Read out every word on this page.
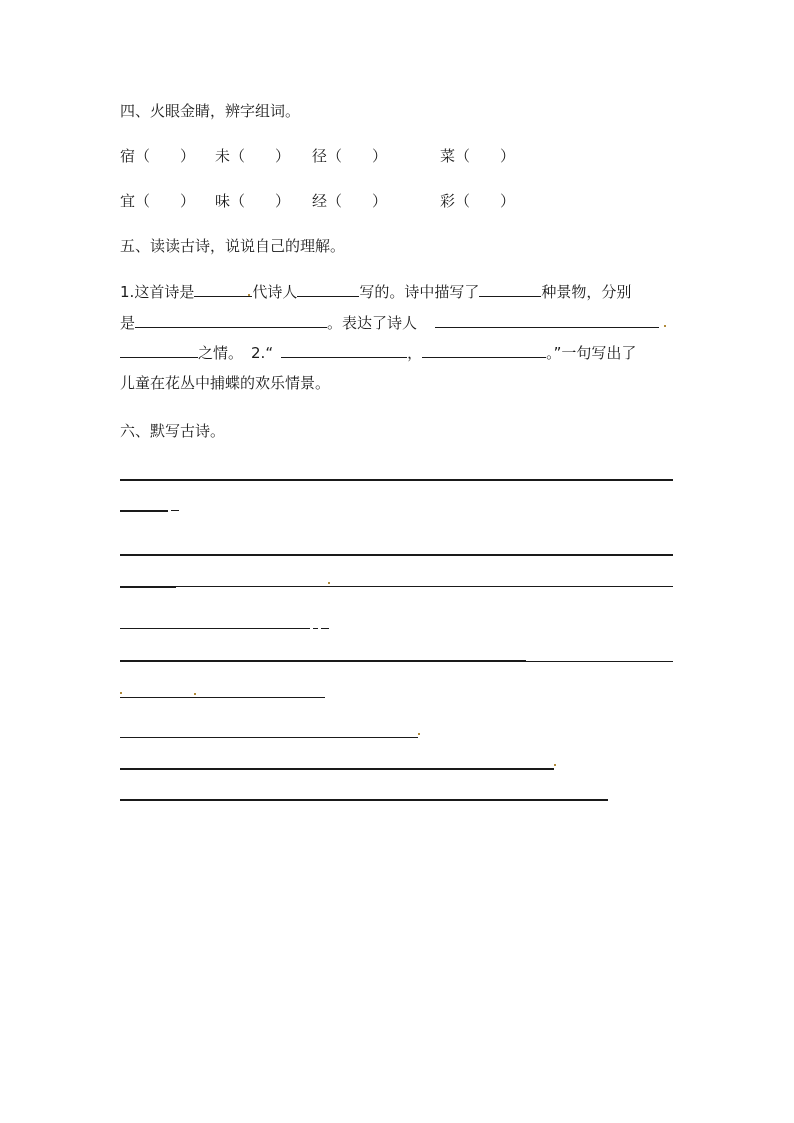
四、火眼金睛，辨字组词。
宿（　　） 未（　　） 径（　　）	菜（　　）
宜（　　） 味（　　） 经（　　）	彩（　　）
五、读读古诗，说说自己的理解。
1.这首诗是	代诗人	写的。诗中描写了	种景物，分别
是	。表达了诗人
之情。 2.“	，	。”一句写出了
儿童在花丛中捕蝶的欢乐情景。
六、默写古诗。
